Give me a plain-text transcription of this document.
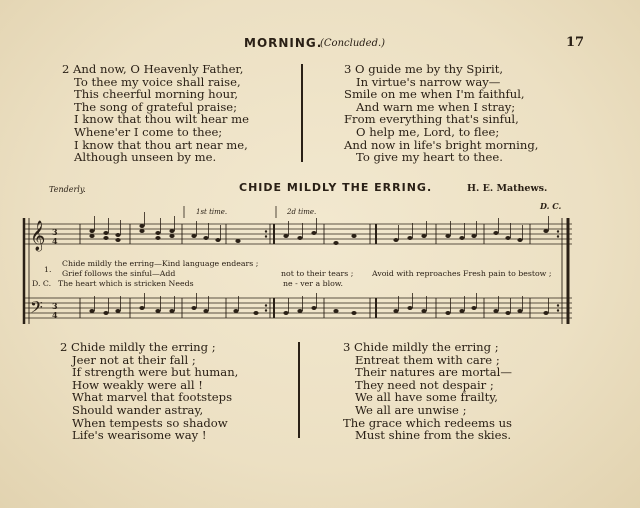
MORNING.
(Concluded.)	17
2 And now, O Heavenly Father,
To thee my voice shall raise,
This cheerful morning hour,
The song of grateful praise;
I know that thou wilt hear me
Whene'er I come to thee;
I know that thou art near me,
Although unseen by me.
3 O guide me by thy Spirit,
In virtue's narrow way—
Smile on me when I'm faithful,
And warn me when I stray;
From everything that's sinful,
O help me, Lord, to flee;
And now in life's bright morning,
To give my heart to thee.
Tenderly.	CHIDE MILDLY THE ERRING.	H. E. Mathews.
𝄞
𝄢
3
4
3
4
1st time.	2d time.
D. C.
1.
Chide mildly the erring—Kind language endears ;
Grief follows the sinful—Add	not to their tears ; Avoid with reproaches Fresh pain to bestow ;
D. C. The heart which is stricken Needs	ne - ver a blow.
2 Chide mildly the erring ;
Jeer not at their fall ;
If strength were but human,
How weakly were all !
What marvel that footsteps
Should wander astray,
When tempests so shadow
Life's wearisome way !
3 Chide mildly the erring ;
Entreat them with care ;
Their natures are mortal—
They need not despair ;
We all have some frailty,
We all are unwise ;
The grace which redeems us
Must shine from the skies.
